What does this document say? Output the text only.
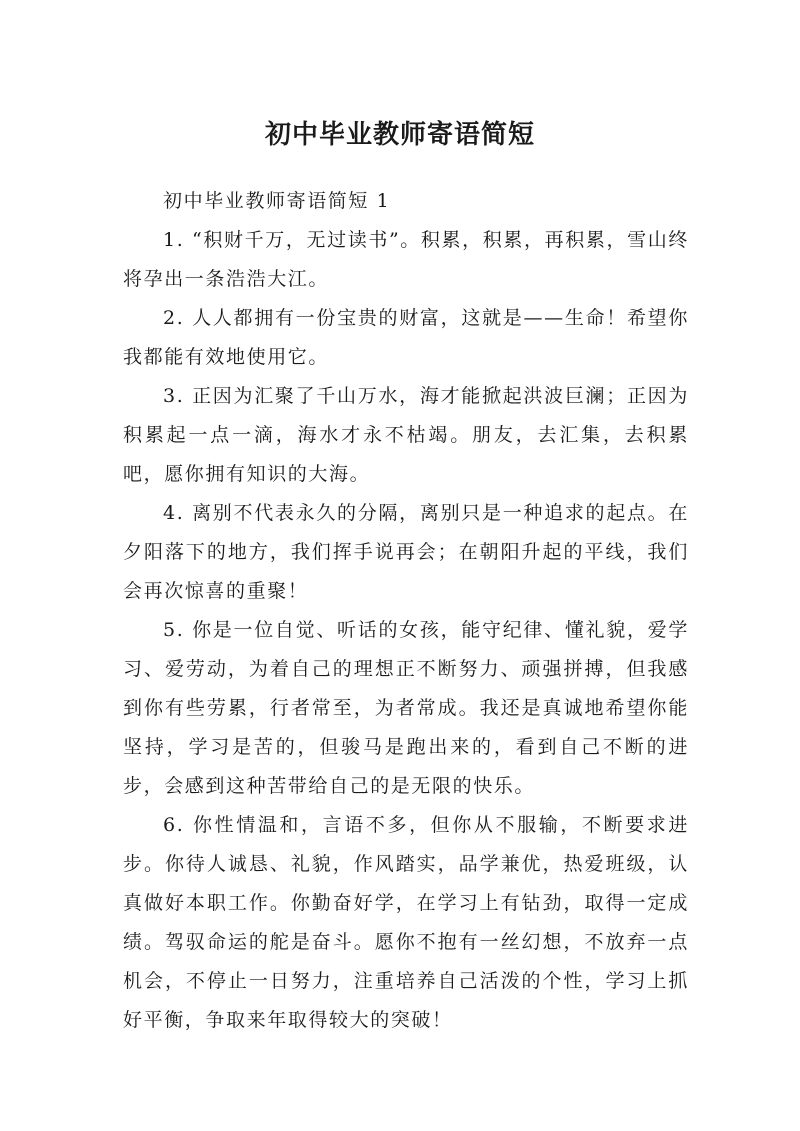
初中毕业教师寄语简短

初中毕业教师寄语简短 1

1. “积财千万，无过读书”。积累，积累，再积累，雪山终将孕出一条浩浩大江。

2. 人人都拥有一份宝贵的财富，这就是——生命！希望你我都能有效地使用它。

3. 正因为汇聚了千山万水，海才能掀起洪波巨澜；正因为积累起一点一滴，海水才永不枯竭。朋友，去汇集，去积累吧，愿你拥有知识的大海。

4. 离别不代表永久的分隔，离别只是一种追求的起点。在夕阳落下的地方，我们挥手说再会；在朝阳升起的平线，我们会再次惊喜的重聚！

5. 你是一位自觉、听话的女孩，能守纪律、懂礼貌，爱学习、爱劳动，为着自己的理想正不断努力、顽强拼搏，但我感到你有些劳累，行者常至，为者常成。我还是真诚地希望你能坚持，学习是苦的，但骏马是跑出来的，看到自己不断的进步，会感到这种苦带给自己的是无限的快乐。

6. 你性情温和，言语不多，但你从不服输，不断要求进步。你待人诚恳、礼貌，作风踏实，品学兼优，热爱班级，认真做好本职工作。你勤奋好学，在学习上有钻劲，取得一定成绩。驾驭命运的舵是奋斗。愿你不抱有一丝幻想，不放弃一点机会，不停止一日努力，注重培养自己活泼的个性，学习上抓好平衡，争取来年取得较大的突破！
